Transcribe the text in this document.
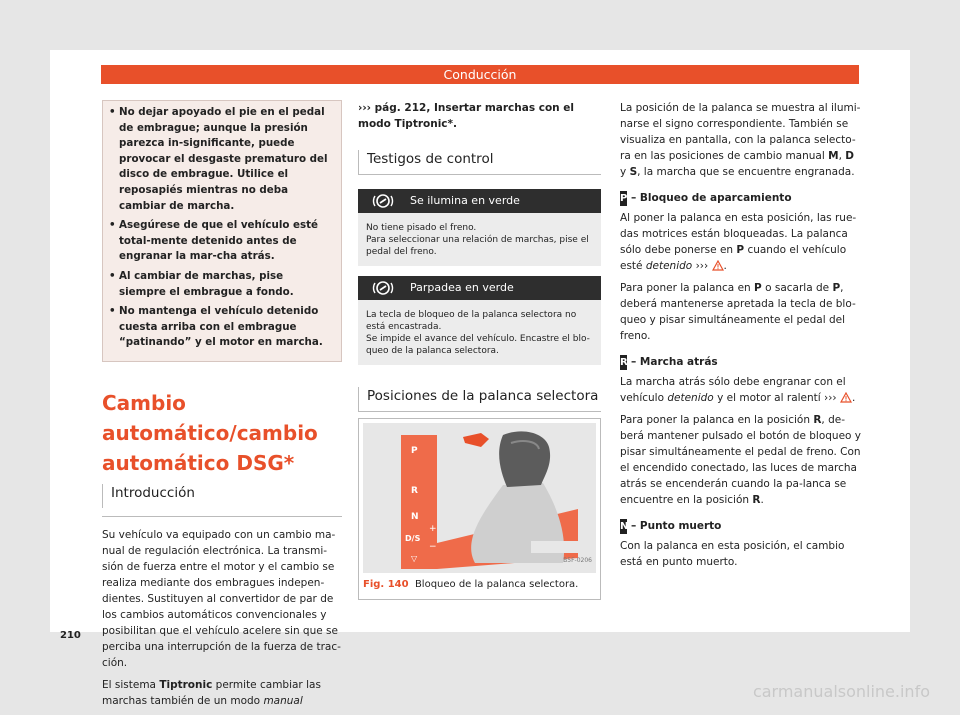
Conducción

• No dejar apoyado el pie en el pedal de embrague; aunque la presión parezca in-significante, puede provocar el desgaste prematuro del disco de embrague. Utilice el reposapiés mientras no deba cambiar de marcha.

• Asegúrese de que el vehículo esté total-mente detenido antes de engranar la mar-cha atrás.

• Al cambiar de marchas, pise siempre el embrague a fondo.

• No mantenga el vehículo detenido cuesta arriba con el embrague “patinando” y el motor en marcha.

Cambio automático/cambio automático DSG*
Introducción

Su vehículo va equipado con un cambio ma-nual de regulación electrónica. La transmi-sión de fuerza entre el motor y el cambio se realiza mediante dos embragues indepen-dientes. Sustituyen al convertidor de par de los cambios automáticos convencionales y posibilitan que el vehículo acelere sin que se perciba una interrupción de la fuerza de trac-ción.

El sistema Tiptronic permite cambiar las marchas también de un modo manual

››› pág. 212, Insertar marchas con el modo Tiptronic*.

Testigos de control
Se ilumina en verde

No tiene pisado el freno.

Para seleccionar una relación de marchas, pise el pedal del freno.

Parpadea en verde

La tecla de bloqueo de la palanca selectora no está encastrada.

Se impide el avance del vehículo. Encastre el blo-queo de la palanca selectora.

Posiciones de la palanca selectora
P
R
N
D/S
▽
+
−
B5F-0206
Fig. 140 Bloqueo de la palanca selectora.

La posición de la palanca se muestra al ilumi-narse el signo correspondiente. También se visualiza en pantalla, con la palanca selecto-ra en las posiciones de cambio manual M, D y S, la marcha que se encuentre engranada.

P – Bloqueo de aparcamiento

Al poner la palanca en esta posición, las rue-das motrices están bloqueadas. La palanca sólo debe ponerse en P cuando el vehículo esté detenido ››› .

Para poner la palanca en P o sacarla de P, deberá mantenerse apretada la tecla de blo-queo y pisar simultáneamente el pedal del freno.

R – Marcha atrás

La marcha atrás sólo debe engranar con el vehículo detenido y el motor al ralentí ››› .

Para poner la palanca en la posición R, de-berá mantener pulsado el botón de bloqueo y pisar simultáneamente el pedal de freno. Con el encendido conectado, las luces de marcha atrás se encenderán cuando la pa-lanca se encuentre en la posición R.

N – Punto muerto

Con la palanca en esta posición, el cambio está en punto muerto.

210
carmanualsonline.info
